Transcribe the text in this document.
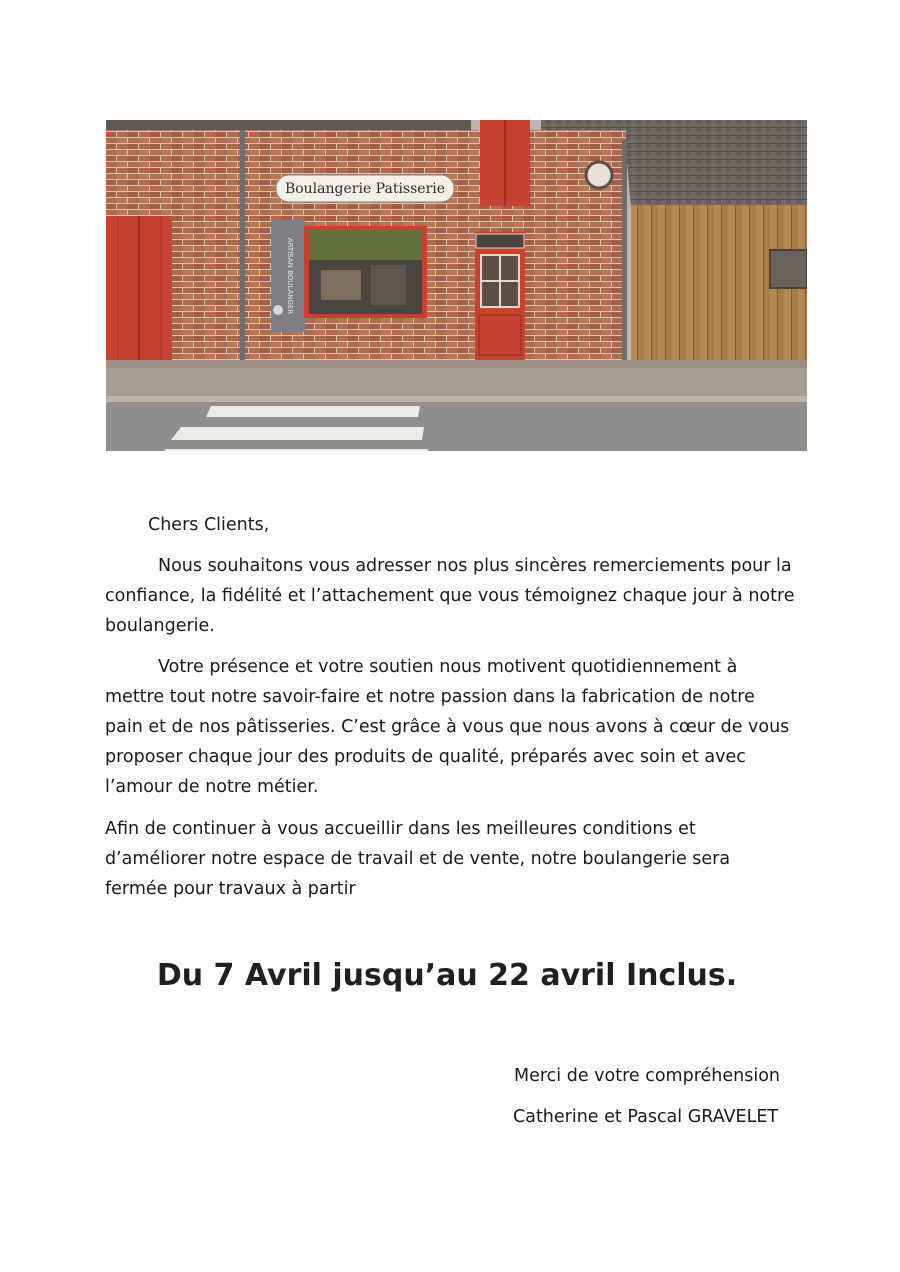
Boulangerie Patisserie
ARTISAN BOULANGER

Chers Clients,

Nous souhaitons vous adresser nos plus sincères remerciements pour la confiance, la fidélité et l’attachement que vous témoignez chaque jour à notre boulangerie.

Votre présence et votre soutien nous motivent quotidiennement à mettre tout notre savoir-faire et notre passion dans la fabrication de notre pain et de nos pâtisseries. C’est grâce à vous que nous avons à cœur de vous proposer chaque jour des produits de qualité, préparés avec soin et avec l’amour de notre métier.

Afin de continuer à vous accueillir dans les meilleures conditions et d’améliorer notre espace de travail et de vente, notre boulangerie sera fermée pour travaux à partir

Du 7 Avril jusqu’au 22 avril Inclus.

Merci de votre compréhension

Catherine et Pascal GRAVELET
